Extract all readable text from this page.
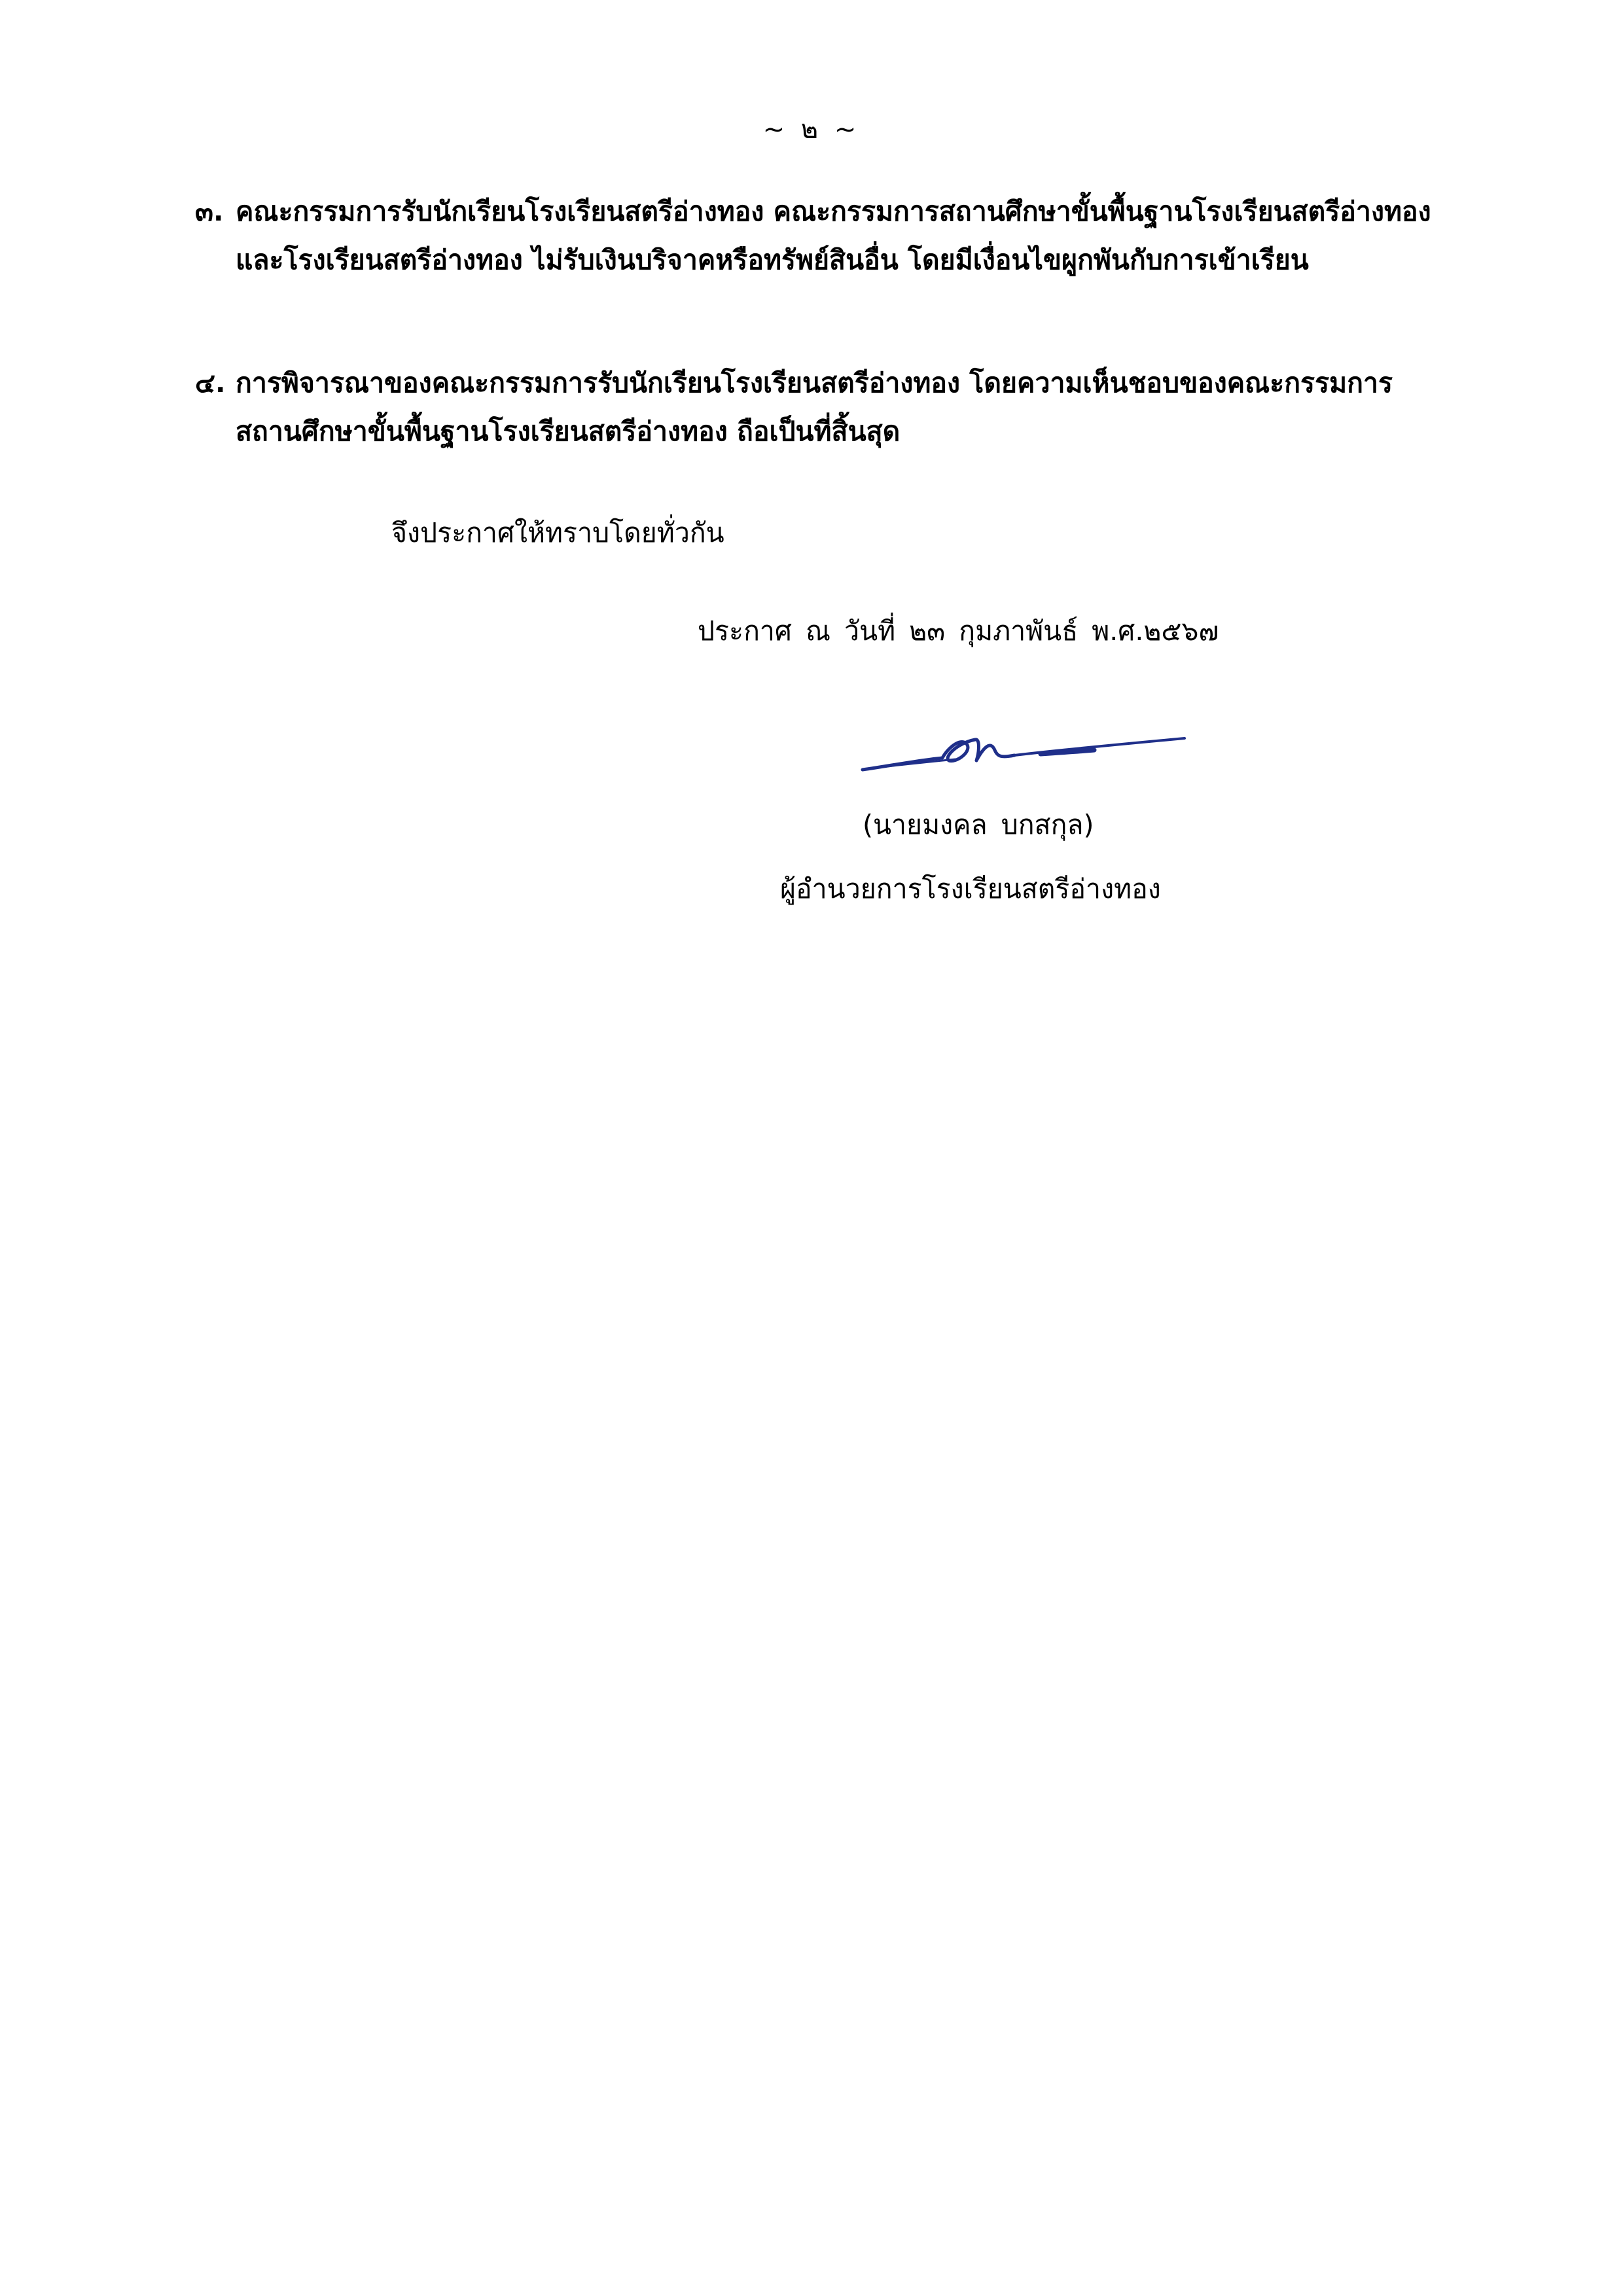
~ ๒ ~
๓. คณะกรรมการรับนักเรียนโรงเรียนสตรีอ่างทอง คณะกรรมการสถานศึกษาขั้นพื้นฐานโรงเรียนสตรีอ่างทองและโรงเรียนสตรีอ่างทอง ไม่รับเงินบริจาคหรือทรัพย์สินอื่น โดยมีเงื่อนไขผูกพันกับการเข้าเรียน
๔. การพิจารณาของคณะกรรมการรับนักเรียนโรงเรียนสตรีอ่างทอง โดยความเห็นชอบของคณะกรรมการสถานศึกษาขั้นพื้นฐานโรงเรียนสตรีอ่างทอง ถือเป็นที่สิ้นสุด
จึงประกาศให้ทราบโดยทั่วกัน
ประกาศ ณ วันที่ ๒๓ กุมภาพันธ์ พ.ศ.๒๕๖๗
(นายมงคล บกสกุล)
ผู้อำนวยการโรงเรียนสตรีอ่างทอง
